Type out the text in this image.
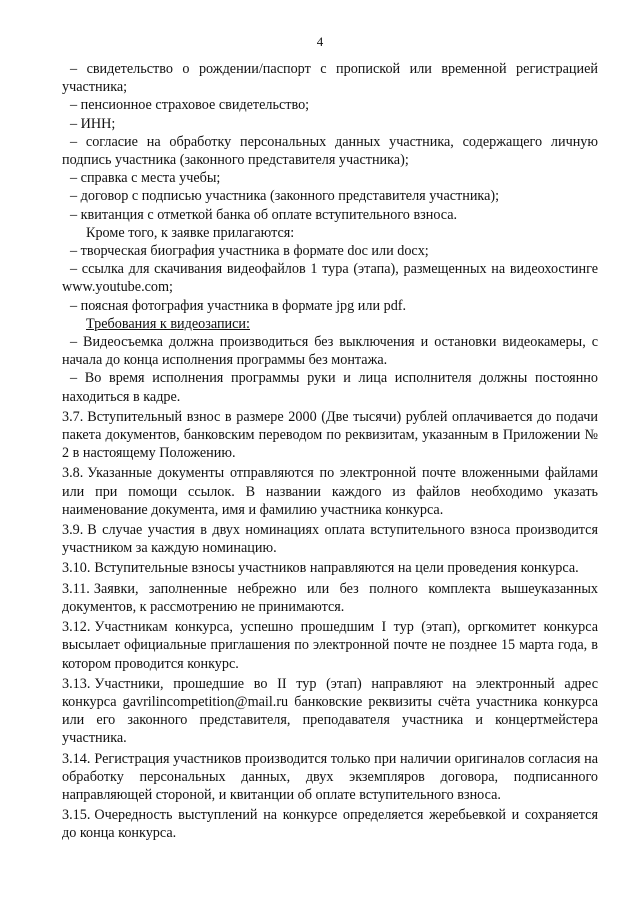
4

– свидетельство о рождении/паспорт с пропиской или временной регистрацией участника;

– пенсионное страховое свидетельство;

– ИНН;

– согласие на обработку персональных данных участника, содержащего личную подпись участника (законного представителя участника);

– справка с места учебы;

– договор с подписью участника (законного представителя участника);

– квитанция с отметкой банка об оплате вступительного взноса.

Кроме того, к заявке прилагаются:

– творческая биография участника в формате doc или docx;

– ссылка для скачивания видеофайлов 1 тура (этапа), размещенных на видеохостинге www.youtube.com;

– поясная фотография участника в формате jpg или pdf.

Требования к видеозаписи:

– Видеосъемка должна производиться без выключения и остановки видеокамеры, с начала до конца исполнения программы без монтажа.

– Во время исполнения программы руки и лица исполнителя должны постоянно находиться в кадре.

3.7. Вступительный взнос в размере 2000 (Две тысячи) рублей оплачивается до подачи пакета документов, банковским переводом по реквизитам, указанным в Приложении № 2 в настоящему Положению.

3.8. Указанные документы отправляются по электронной почте вложенными файлами или при помощи ссылок. В названии каждого из файлов необходимо указать наименование документа, имя и фамилию участника конкурса.

3.9. В случае участия в двух номинациях оплата вступительного взноса производится участником за каждую номинацию.

3.10. Вступительные взносы участников направляются на цели проведения конкурса.

3.11. Заявки, заполненные небрежно или без полного комплекта вышеуказанных документов, к рассмотрению не принимаются.

3.12. Участникам конкурса, успешно прошедшим I тур (этап), оргкомитет конкурса высылает официальные приглашения по электронной почте не позднее 15 марта года, в котором проводится конкурс.

3.13. Участники, прошедшие во II тур (этап) направляют на электронный адрес конкурса gavrilincompetition@mail.ru банковские реквизиты счёта участника конкурса или его законного представителя, преподавателя участника и концертмейстера участника.

3.14. Регистрация участников производится только при наличии оригиналов согласия на обработку персональных данных, двух экземпляров договора, подписанного направляющей стороной, и квитанции об оплате вступительного взноса.

3.15. Очередность выступлений на конкурсе определяется жеребьевкой и сохраняется до конца конкурса.
